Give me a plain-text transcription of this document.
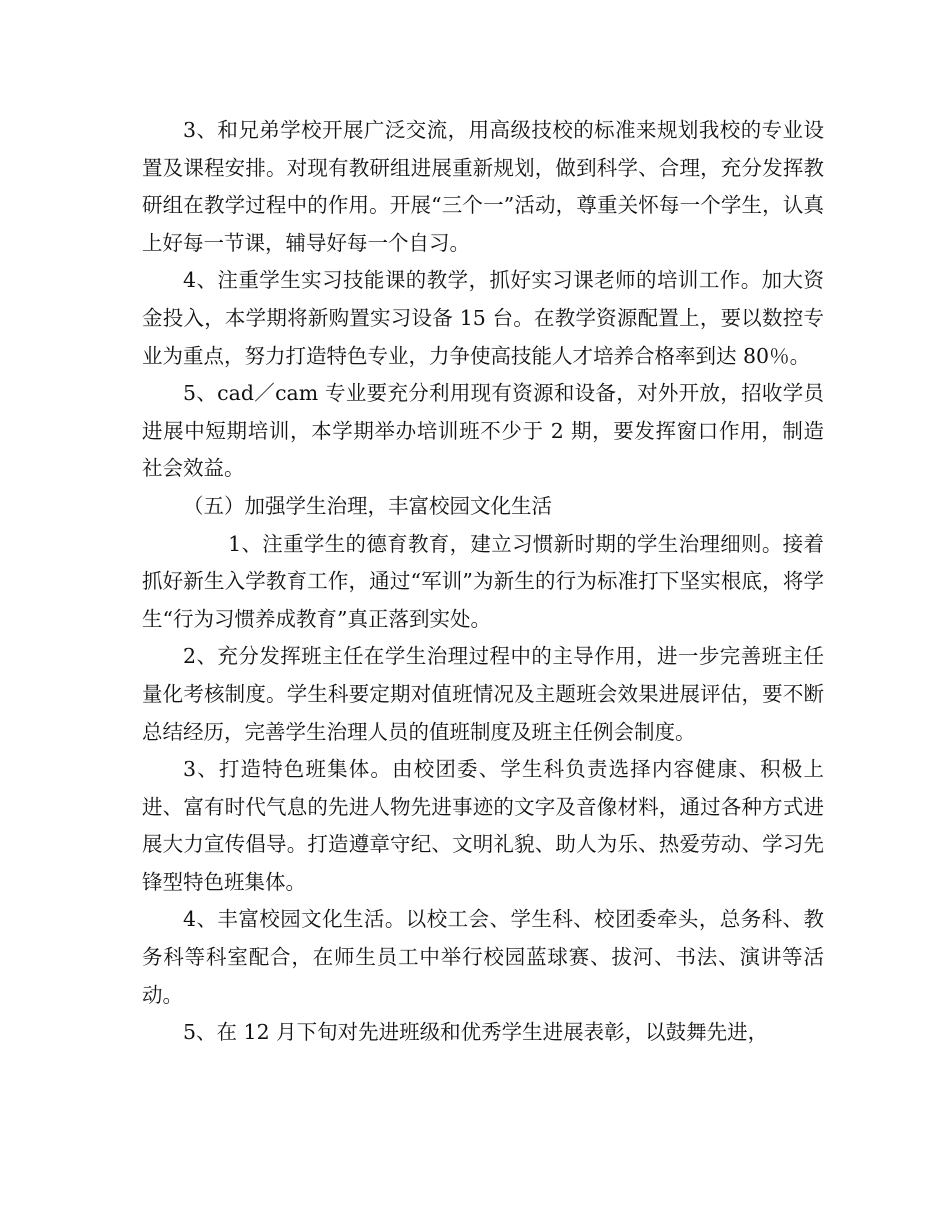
3、和兄弟学校开展广泛交流，用高级技校的标准来规划我校的专业设置及课程安排。对现有教研组进展重新规划，做到科学、合理，充分发挥教研组在教学过程中的作用。开展“三个一”活动，尊重关怀每一个学生，认真上好每一节课，辅导好每一个自习。

4、注重学生实习技能课的教学，抓好实习课老师的培训工作。加大资金投入，本学期将新购置实习设备 15 台。在教学资源配置上，要以数控专业为重点，努力打造特色专业，力争使高技能人才培养合格率到达 80％。

5、cad／cam 专业要充分利用现有资源和设备，对外开放，招收学员进展中短期培训，本学期举办培训班不少于 2 期，要发挥窗口作用，制造社会效益。

（五）加强学生治理，丰富校园文化生活

1、注重学生的德育教育，建立习惯新时期的学生治理细则。接着抓好新生入学教育工作，通过“军训”为新生的行为标准打下坚实根底，将学生“行为习惯养成教育”真正落到实处。

2、充分发挥班主任在学生治理过程中的主导作用，进一步完善班主任量化考核制度。学生科要定期对值班情况及主题班会效果进展评估，要不断总结经历，完善学生治理人员的值班制度及班主任例会制度。

3、打造特色班集体。由校团委、学生科负责选择内容健康、积极上进、富有时代气息的先进人物先进事迹的文字及音像材料，通过各种方式进展大力宣传倡导。打造遵章守纪、文明礼貌、助人为乐、热爱劳动、学习先锋型特色班集体。

4、丰富校园文化生活。以校工会、学生科、校团委牵头，总务科、教务科等科室配合，在师生员工中举行校园蓝球赛、拔河、书法、演讲等活动。

5、在 12 月下旬对先进班级和优秀学生进展表彰，以鼓舞先进，
